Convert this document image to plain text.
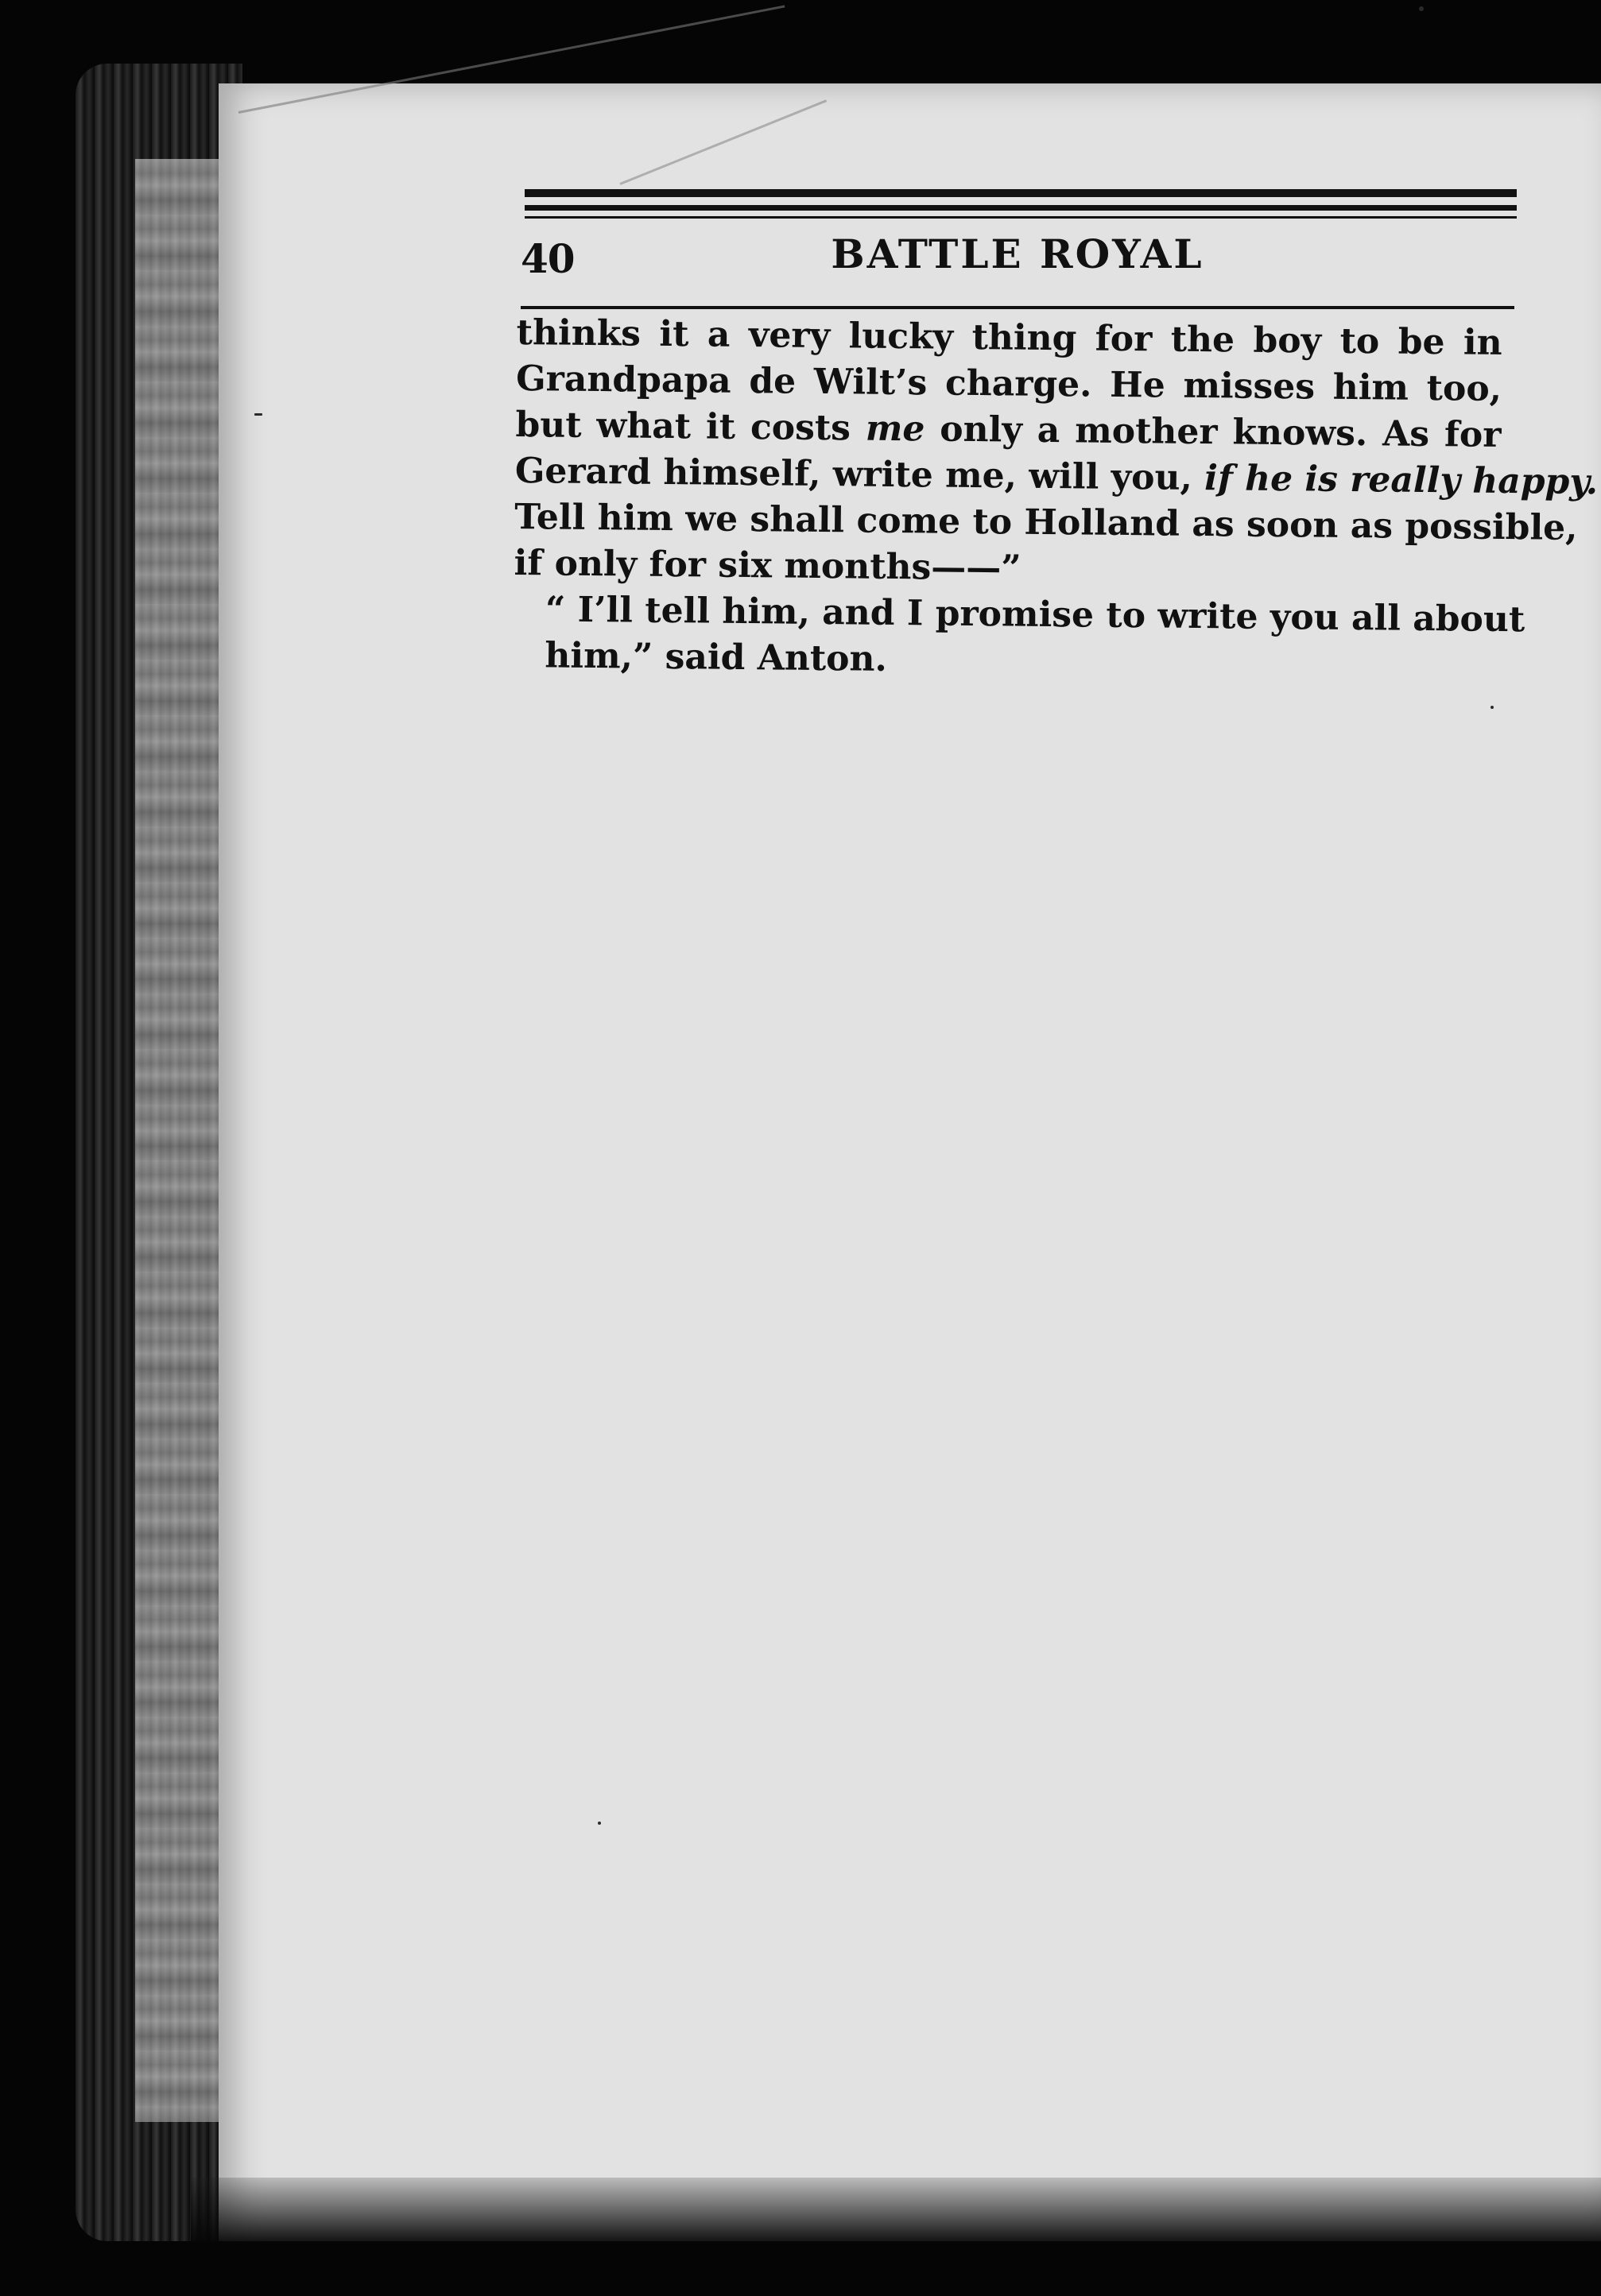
40	BATTLE ROYAL

thinks it a very lucky thing for the boy to be in
Grandpapa de Wilt’s charge. He misses him too,
but what it costs me only a mother knows. As for
Gerard himself, write me, will you, if he is really happy.
Tell him we shall come to Holland as soon as possible,
if only for six months——”

“ I’ll tell him, and I promise to write you all about
him,” said Anton.
